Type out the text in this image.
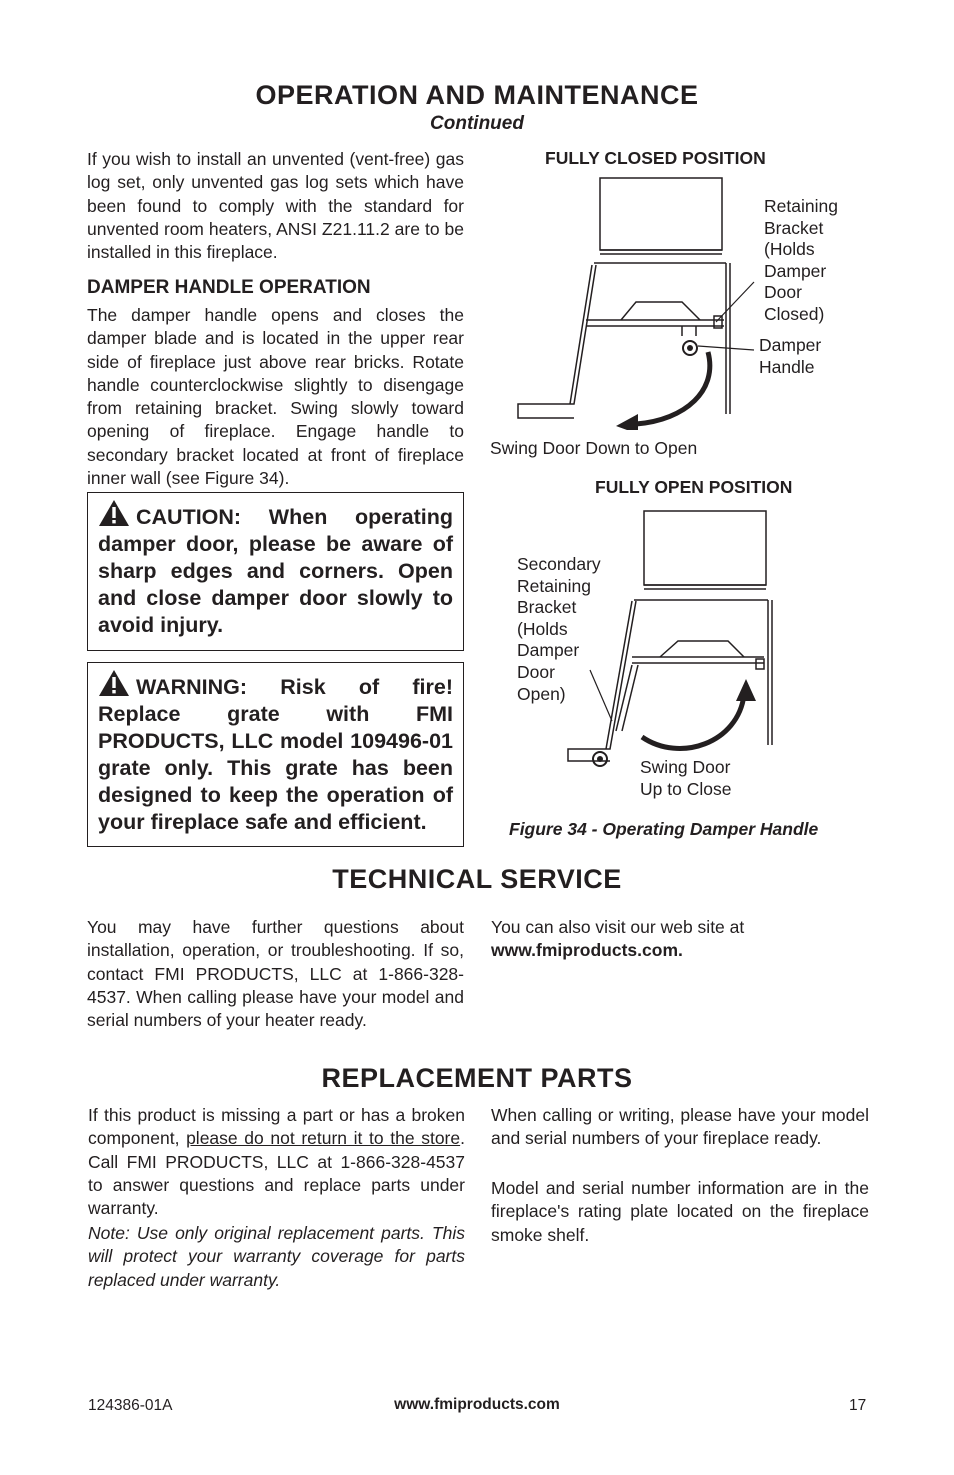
OPERATION AND MAINTENANCE
Continued
If you wish to install an unvented (vent-free) gas log set, only unvented gas log sets which have been found to comply with the standard for unvented room heaters, ANSI Z21.11.2 are to be installed in this fireplace.
DAMPER HANDLE OPERATION
The damper handle opens and closes the damper blade and is located in the upper rear side of fireplace just above rear bricks. Rotate handle counterclockwise slightly to disengage from retaining bracket. Swing slowly toward opening of fireplace. Engage handle to secondary bracket located at front of fireplace inner wall (see Figure 34).
CAUTION: When operating damper door, please be aware of sharp edges and corners. Open and close damper door slowly to avoid injury.
WARNING: Risk of fire! Replace grate with FMI PRODUCTS, LLC model 109496-01 grate only. This grate has been designed to keep the operation of your fireplace safe and efficient.
FULLY CLOSED POSITION
Retaining
Bracket
(Holds
Damper
Door
Closed)
Damper
Handle
Swing Door Down to Open
FULLY OPEN POSITION
Secondary
Retaining
Bracket
(Holds
Damper
Door
Open)
Swing Door
Up to Close
Figure 34 - Operating Damper Handle
TECHNICAL SERVICE
You may have further questions about installation, operation, or troubleshooting. If so, contact FMI PRODUCTS, LLC at 1-866-328-4537. When calling please have your model and serial numbers of your heater ready.
You can also visit our web site at
www.fmiproducts.com.
REPLACEMENT PARTS
If this product is missing a part or has a broken component, please do not return it to the store. Call FMI PRODUCTS, LLC at 1-866-328-4537 to answer questions and replace parts under warranty.
Note: Use only original replacement parts. This will protect your warranty coverage for parts replaced under warranty.
When calling or writing, please have your model and serial numbers of your fireplace ready.
Model and serial number information are in the fireplace's rating plate located on the fireplace smoke shelf.
124386-01A	www.fmiproducts.com	17
